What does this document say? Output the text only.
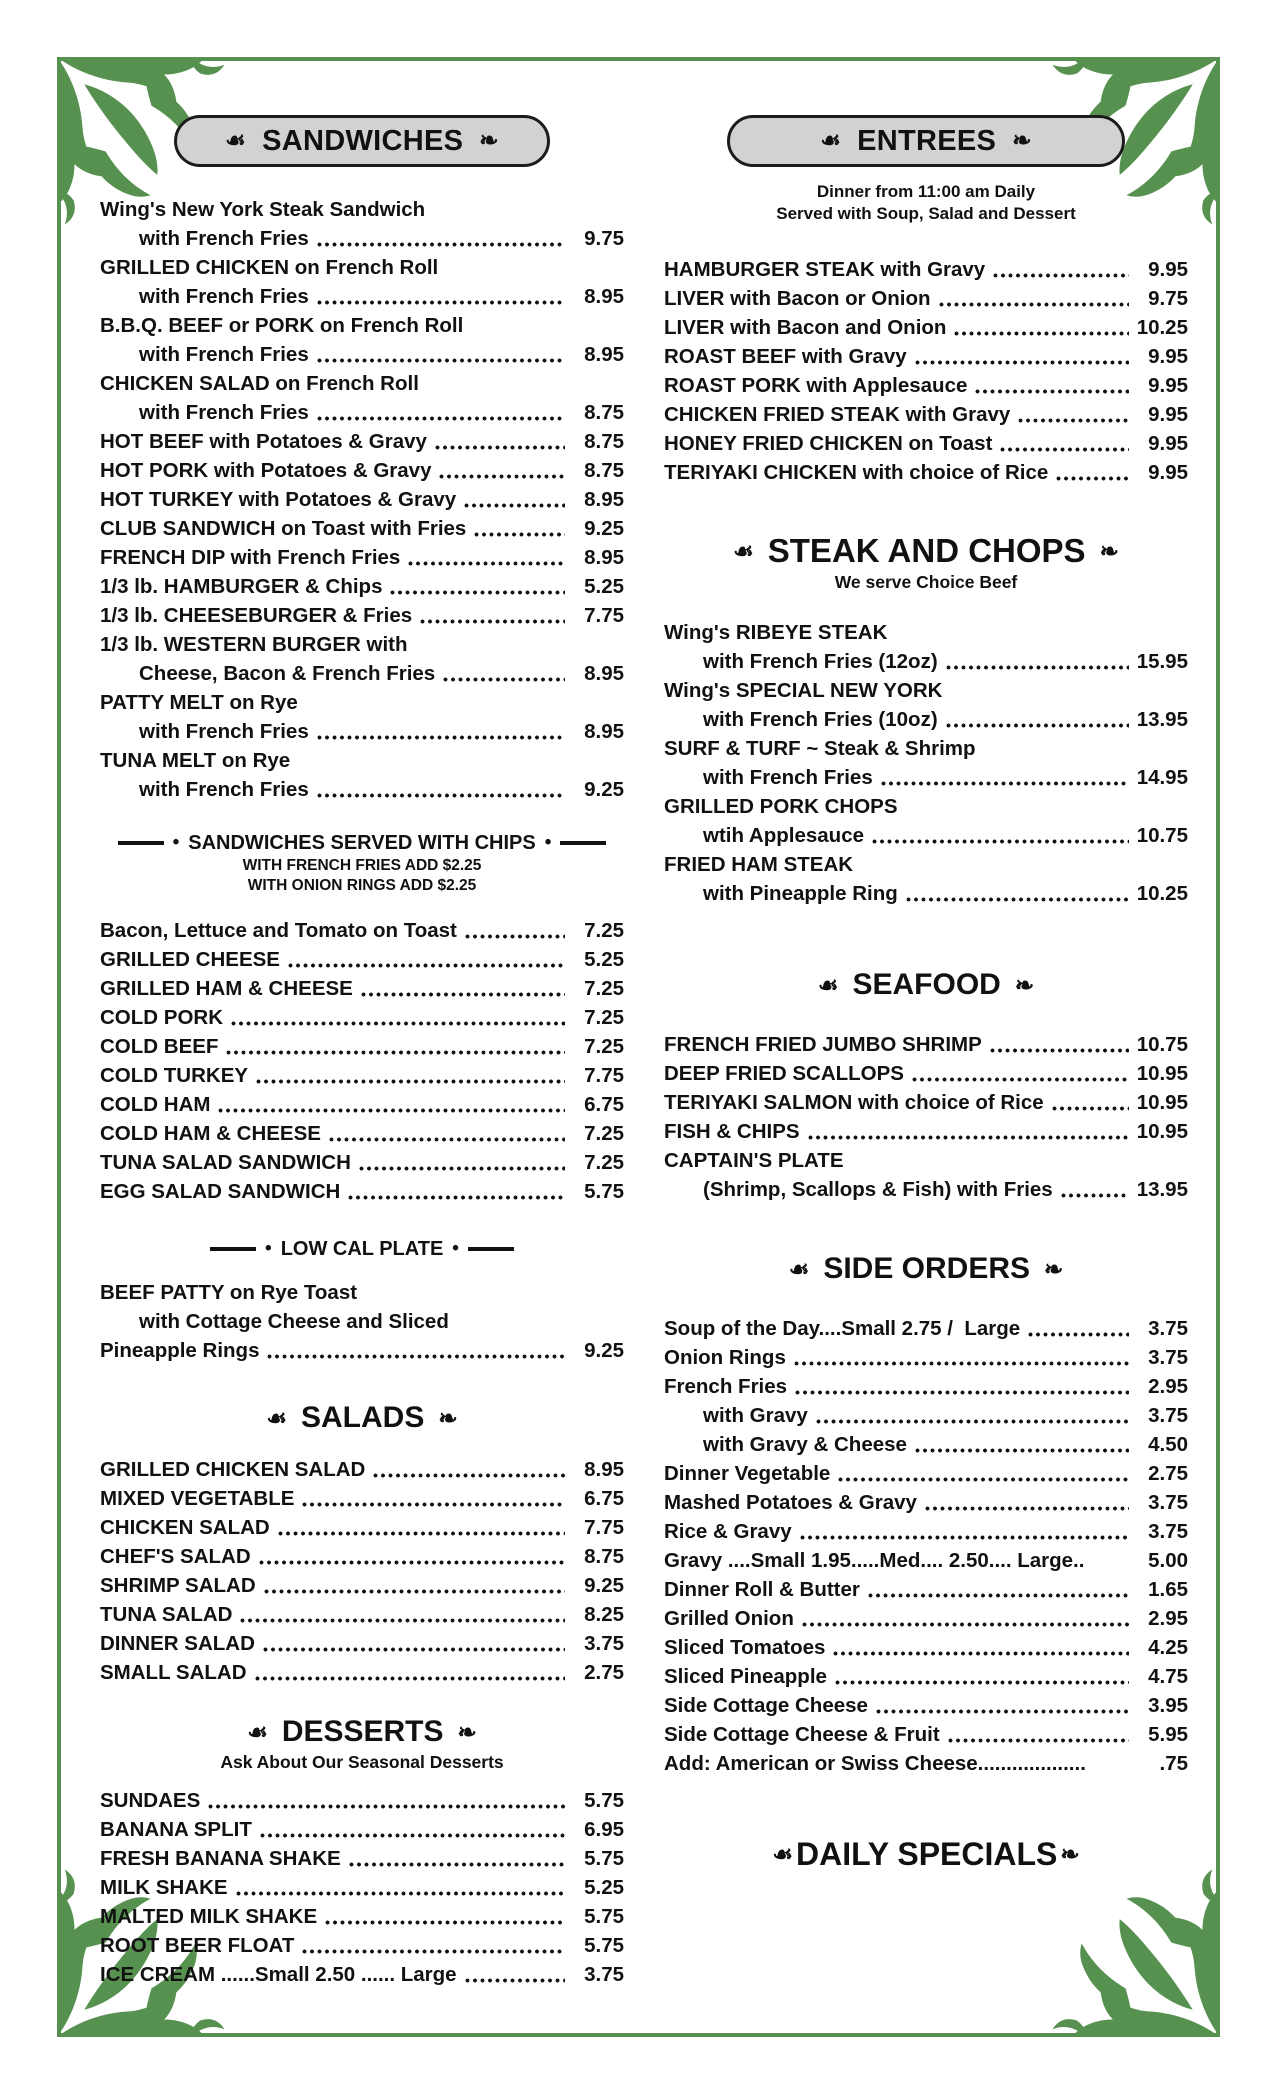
☙ SANDWICHES ❧
Wing's New York Steak Sandwich
with French Fries	9.75
GRILLED CHICKEN on French Roll
with French Fries	8.95
B.B.Q. BEEF or PORK on French Roll
with French Fries	8.95
CHICKEN SALAD on French Roll
with French Fries	8.75
HOT BEEF with Potatoes & Gravy	8.75
HOT PORK with Potatoes & Gravy	8.75
HOT TURKEY with Potatoes & Gravy	8.95
CLUB SANDWICH on Toast with Fries	9.25
FRENCH DIP with French Fries	8.95
1/3 lb. HAMBURGER & Chips	5.25
1/3 lb. CHEESEBURGER & Fries	7.75
1/3 lb. WESTERN BURGER with
Cheese, Bacon & French Fries	8.95
PATTY MELT on Rye
with French Fries	8.95
TUNA MELT on Rye
with French Fries	9.25
• SANDWICHES SERVED WITH CHIPS •
WITH FRENCH FRIES ADD $2.25
WITH ONION RINGS ADD $2.25
Bacon, Lettuce and Tomato on Toast	7.25
GRILLED CHEESE	5.25
GRILLED HAM & CHEESE	7.25
COLD PORK	7.25
COLD BEEF	7.25
COLD TURKEY	7.75
COLD HAM	6.75
COLD HAM & CHEESE	7.25
TUNA SALAD SANDWICH	7.25
EGG SALAD SANDWICH	5.75
• LOW CAL PLATE •
BEEF PATTY on Rye Toast
with Cottage Cheese and Sliced
Pineapple Rings	9.25
☙ SALADS ❧
GRILLED CHICKEN SALAD	8.95
MIXED VEGETABLE	6.75
CHICKEN SALAD	7.75
CHEF'S SALAD	8.75
SHRIMP SALAD	9.25
TUNA SALAD	8.25
DINNER SALAD	3.75
SMALL SALAD	2.75
☙ DESSERTS ❧
Ask About Our Seasonal Desserts
SUNDAES	5.75
BANANA SPLIT	6.95
FRESH BANANA SHAKE	5.75
MILK SHAKE	5.25
MALTED MILK SHAKE	5.75
ROOT BEER FLOAT	5.75
ICE CREAM ......Small 2.50 ...... Large	3.75
☙ ENTREES ❧
Dinner from 11:00 am Daily
Served with Soup, Salad and Dessert
HAMBURGER STEAK with Gravy	9.95
LIVER with Bacon or Onion	9.75
LIVER with Bacon and Onion	10.25
ROAST BEEF with Gravy	9.95
ROAST PORK with Applesauce	9.95
CHICKEN FRIED STEAK with Gravy	9.95
HONEY FRIED CHICKEN on Toast	9.95
TERIYAKI CHICKEN with choice of Rice	9.95
☙ STEAK AND CHOPS ❧
We serve Choice Beef
Wing's RIBEYE STEAK
with French Fries (12oz)	15.95
Wing's SPECIAL NEW YORK
with French Fries (10oz)	13.95
SURF & TURF ~ Steak & Shrimp
with French Fries	14.95
GRILLED PORK CHOPS
wtih Applesauce	10.75
FRIED HAM STEAK
with Pineapple Ring	10.25
☙ SEAFOOD ❧
FRENCH FRIED JUMBO SHRIMP	10.75
DEEP FRIED SCALLOPS	10.95
TERIYAKI SALMON with choice of Rice	10.95
FISH & CHIPS	10.95
CAPTAIN'S PLATE
(Shrimp, Scallops & Fish) with Fries	13.95
☙ SIDE ORDERS ❧
Soup of the Day....Small 2.75 /  Large	3.75
Onion Rings	3.75
French Fries	2.95
with Gravy	3.75
with Gravy & Cheese	4.50
Dinner Vegetable	2.75
Mashed Potatoes & Gravy	3.75
Rice & Gravy	3.75
Gravy ....Small 1.95.....Med.... 2.50.... Large..	5.00
Dinner Roll & Butter	1.65
Grilled Onion	2.95
Sliced Tomatoes	4.25
Sliced Pineapple	4.75
Side Cottage Cheese	3.95
Side Cottage Cheese & Fruit	5.95
Add: American or Swiss Cheese...................	.75
☙ DAILY SPECIALS ❧
